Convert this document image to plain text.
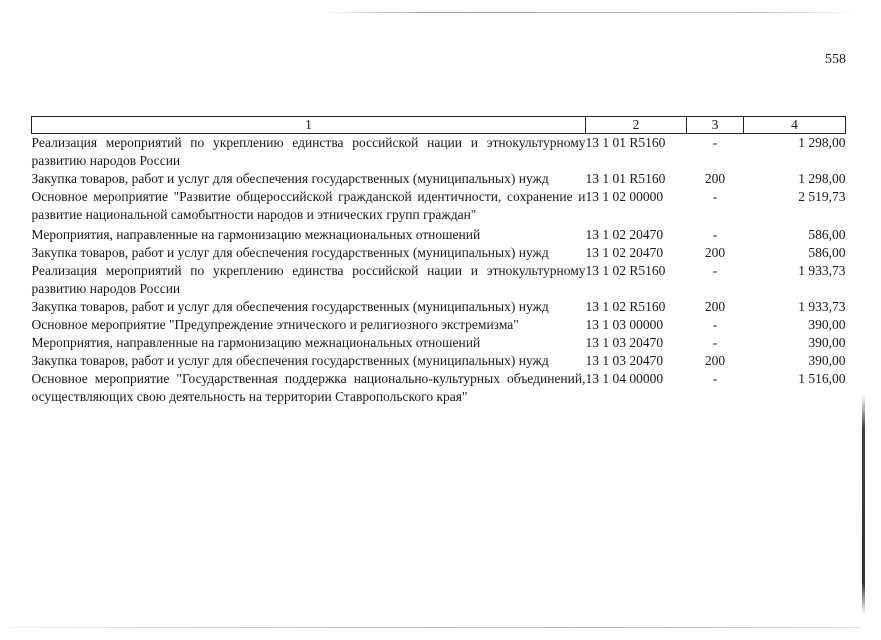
558
1	2	3	4
Реализация мероприятий по укреплению единства российской нации и этнокультурному развитию народов России	13 1 01 R5160	-	1 298,00
Закупка товаров, работ и услуг для обеспечения государственных (муниципальных) нужд	13 1 01 R5160	200	1 298,00
Основное мероприятие "Развитие общероссийской гражданской идентичности, сохранение и развитие национальной самобытности народов и этнических групп граждан"	13 1 02 00000	-	2 519,73
Мероприятия, направленные на гармонизацию межнациональных отношений	13 1 02 20470	-	586,00
Закупка товаров, работ и услуг для обеспечения государственных (муниципальных) нужд	13 1 02 20470	200	586,00
Реализация мероприятий по укреплению единства российской нации и этнокультурному развитию народов России	13 1 02 R5160	-	1 933,73
Закупка товаров, работ и услуг для обеспечения государственных (муниципальных) нужд	13 1 02 R5160	200	1 933,73
Основное мероприятие "Предупреждение этнического и религиозного экстремизма"	13 1 03 00000	-	390,00
Мероприятия, направленные на гармонизацию межнациональных отношений	13 1 03 20470	-	390,00
Закупка товаров, работ и услуг для обеспечения государственных (муниципальных) нужд	13 1 03 20470	200	390,00
Основное мероприятие "Государственная поддержка национально-культурных объединений, осуществляющих свою деятельность на территории Ставропольского края"	13 1 04 00000	-	1 516,00
